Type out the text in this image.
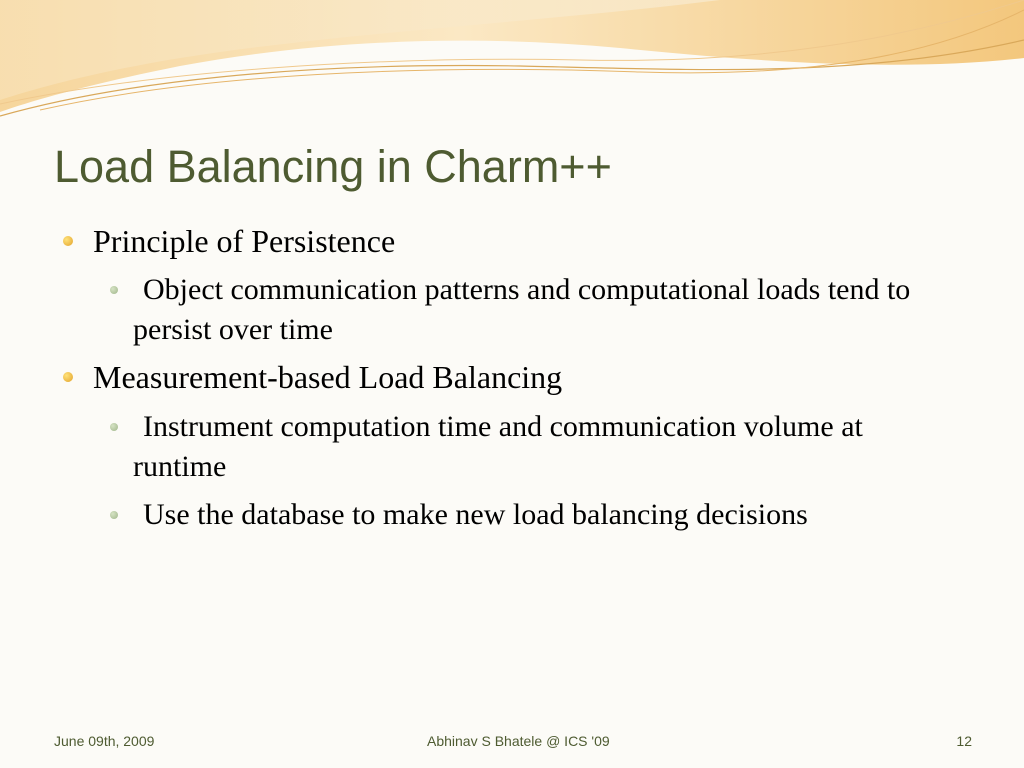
Load Balancing in Charm++
Principle of Persistence
Object communication patterns and computational loads tend to persist over time
Measurement-based Load Balancing
Instrument computation time and communication volume at runtime
Use the database to make new load balancing decisions
June 09th, 2009	Abhinav S Bhatele @ ICS '09	12
